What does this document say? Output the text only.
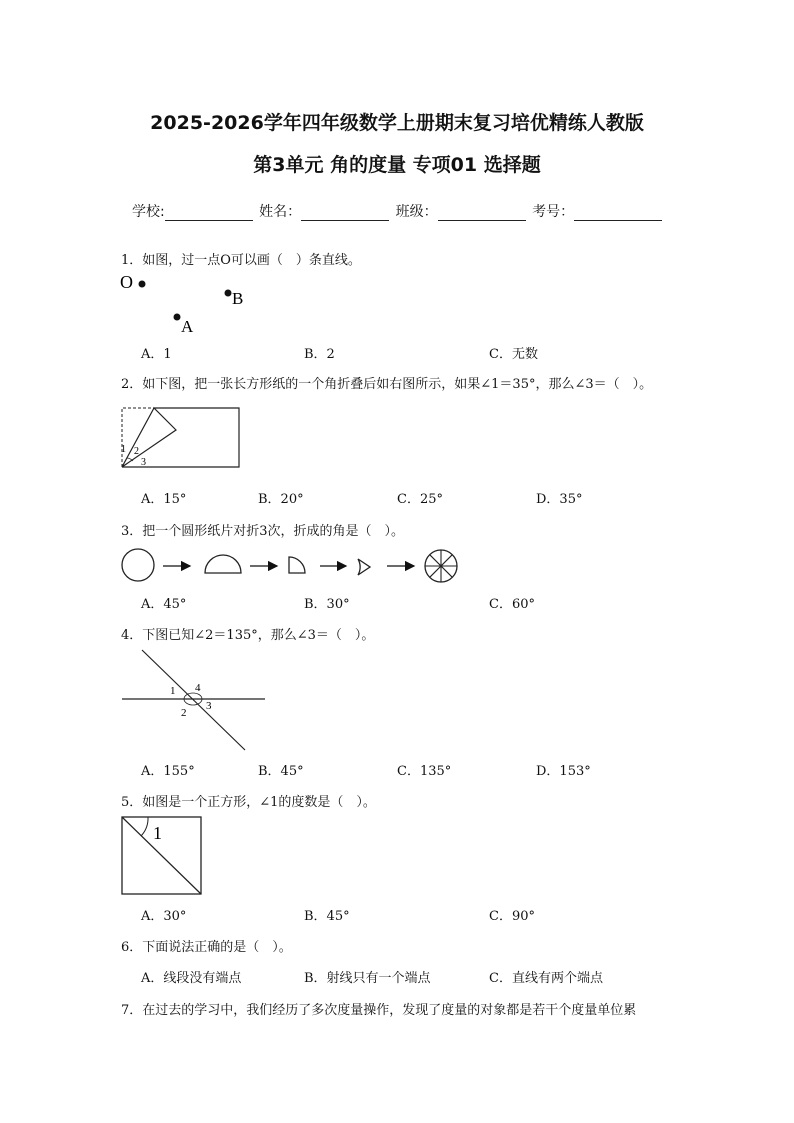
2025-2026学年四年级数学上册期末复习培优精练人教版
第3单元 角的度量 专项01 选择题
学校:	姓名：	班级：	考号：
1．如图，过一点O可以画（　）条直线。
O
B
A
A．1	B．2	C．无数
2．如下图，把一张长方形纸的一个角折叠后如右图所示，如果∠1＝35°，那么∠3＝（　）。
1 2
3
A．15°	B．20°	C．25°	D．35°
3．把一个圆形纸片对折3次，折成的角是（　）。
A．45°	B．30°	C．60°
4．下图已知∠2＝135°，那么∠3＝（　）。
1 4
2
3
A．155°	B．45°	C．135°	D．153°
5．如图是一个正方形，∠1的度数是（　）。
1
A．30°	B．45°	C．90°
6．下面说法正确的是（　）。
A．线段没有端点	B．射线只有一个端点	C．直线有两个端点
7．在过去的学习中，我们经历了多次度量操作，发现了度量的对象都是若干个度量单位累
